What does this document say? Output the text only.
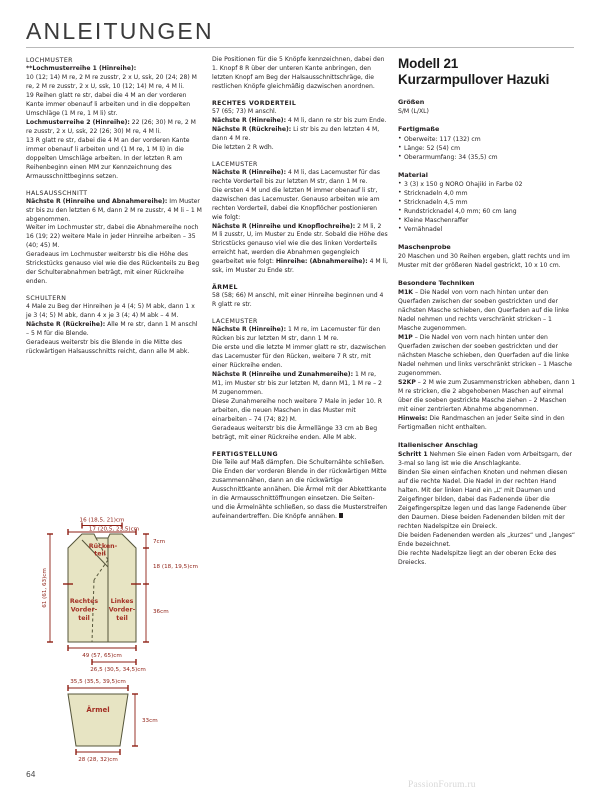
ANLEITUNGEN
LOCHMUSTER

**Lochmusterreihe 1 (Hinreihe):

10 (12; 14) M re, 2 M re zusstr, 2 x U, ssk, 20 (24; 28) M re, 2 M re zusstr, 2 x U, ssk, 10 (12; 14) M re, 4 M li.

19 Reihen glatt re str, dabei die 4 M an der vorderen Kante immer obenauf li arbeiten und in die doppelten Umschläge (1 M re, 1 M li) str.

Lochmusterreihe 2 (Hinreihe): 22 (26; 30) M re, 2 M re zusstr, 2 x U, ssk, 22 (26; 30) M re, 4 M li.

13 R glatt re str, dabei die 4 M an der vorderen Kante immer obenauf li arbeiten und (1 M re, 1 M li) in die doppelten Umschläge arbeiten. In der letzten R am Reihenbeginn einen MM zur Kennzeichnung des Armausschnittbeginns setzen.

HALSAUSSCHNITT

Nächste R (Hinreihe und Abnahmereihe): Im Muster str bis zu den letzten 6 M, dann 2 M re zusstr, 4 M li – 1 M abgenommen.

Weiter im Lochmuster str, dabei die Abnahmereihe noch 16 (19; 22) weitere Male in jeder Hinreihe arbeiten – 35 (40; 45) M.

Geradeaus im Lochmuster weiterstr bis die Höhe des Strickstücks genauso viel wie die des Rückenteils zu Beg der Schulterabnahmen beträgt, mit einer Rückreihe enden.

SCHULTERN

4 Male zu Beg der Hinreihen je 4 (4; 5) M abk, dann 1 x je 3 (4; 5) M abk, dann 4 x je 3 (4; 4) M abk – 4 M.

Nächste R (Rückreihe): Alle M re str, dann 1 M anschl – 5 M für die Blende.

Geradeaus weiterstr bis die Blende in die Mitte des rückwärtigen Halsausschnitts reicht, dann alle M abk.

Die Positionen für die 5 Knöpfe kennzeichnen, dabei den 1. Knopf 8 R über der unteren Kante anbringen, den letzten Knopf am Beg der Halsausschnittschräge, die restlichen Knöpfe gleichmäßig dazwischen anordnen.

RECHTES VORDERTEIL

57 (65; 73) M anschl.

Nächste R (Hinreihe): 4 M li, dann re str bis zum Ende.

Nächste R (Rückreihe): Li str bis zu den letzten 4 M, dann 4 M re.

Die letzten 2 R wdh.

LACEMUSTER

Nächste R (Hinreihe): 4 M li, das Lacemuster für das rechte Vorderteil bis zur letzten M str, dann 1 M re.

Die ersten 4 M und die letzten M immer obenauf li str, dazwischen das Lacemuster. Genauso arbeiten wie am rechten Vorderteil, dabei die Knopflöcher postionieren wie folgt:

Nächste R (Hinreihe und Knopflochreihe): 2 M li, 2 M li zusstr, U, im Muster zu Ende str. Sobald die Höhe des Stricstücks genauso viel wie die des linken Vorderteils erreicht hat, werden die Abnahmen gegengleich gearbeitet wie folgt: Hinreihe: (Abnahmereihe): 4 M li, ssk, im Muster zu Ende str.

ÄRMEL

58 (58; 66) M anschl, mit einer Hinreihe beginnen und 4 R glatt re str.

LACEMUSTER

Nächste R (Hinreihe): 1 M re, im Lacemuster für den Rücken bis zur letzten M str, dann 1 M re.

Die erste und die letzte M immer glatt re str, dazwischen das Lacemuster für den Rücken, weitere 7 R str, mit einer Rückreihe enden.

Nächste R (Hinreihe und Zunahmereihe): 1 M re, M1, im Muster str bis zur letzten M, dann M1, 1 M re – 2 M zugenommen.

Diese Zunahmereihe noch weitere 7 Male in jeder 10. R arbeiten, die neuen Maschen in das Muster mit einarbeiten – 74 (74; 82) M.

Geradeaus weiterstr bis die Ärmellänge 33 cm ab Beg beträgt, mit einer Rückreihe enden. Alle M abk.

FERTIGSTELLUNG

Die Teile auf Maß dämpfen. Die Schulternähte schließen. Die Enden der vorderen Blende in der rückwärtigen Mitte zusammennähen, dann an die rückwärtige Ausschnittkante annähen. Die Ärmel mit der Abkettkante in die Armausschnittöffnungen einsetzen. Die Seiten- und die Ärmelnähte schließen, so dass die Musterstreifen aufeinandertreffen. Die Knöpfe annähen.

Modell 21
Kurzarmpullover Hazuki
Größen

S/M (L/XL)

Fertigmaße
• Oberweite: 117 (132) cm
• Länge: 52 (54) cm
• Oberarmumfang: 34 (35,5) cm
Material
• 3 (3) x 150 g NORO Ohajiki in Farbe 02
• Stricknadeln 4,0 mm
• Stricknadeln 4,5 mm
• Rundstricknadel 4,0 mm; 60 cm lang
• Kleine Maschenraffer
• Vernähnadel
Maschenprobe

20 Maschen und 30 Reihen ergeben, glatt rechts und im Muster mit der größeren Nadel gestrickt, 10 x 10 cm.

Besondere Techniken

M1K – Die Nadel von vorn nach hinten unter den Querfaden zwischen der soeben gestrickten und der nächsten Masche schieben, den Querfaden auf die linke Nadel nehmen und rechts verschränkt stricken – 1 Masche zugenommen.

M1P – Die Nadel von vorn nach hinten unter den Querfaden zwischen der soeben gestrickten und der nächsten Masche schieben, den Querfaden auf die linke Nadel nehmen und links verschränkt stricken – 1 Masche zugenommen.

S2KP – 2 M wie zum Zusammenstricken abheben, dann 1 M re stricken, die 2 abgehobenen Maschen auf einmal über die soeben gestrickte Masche ziehen – 2 Maschen mit einer zentrierten Abnahme abgenommen.

Hinweis: Die Randmaschen an jeder Seite sind in den Fertigmaßen nicht enthalten.

Italienischer Anschlag

Schritt 1 Nehmen Sie einen Faden vom Arbeitsgarn, der 3-mal so lang ist wie die Anschlagkante.

Binden Sie einen einfachen Knoten und nehmen diesen auf die rechte Nadel. Die Nadel in der rechten Hand halten. Mit der linken Hand ein „L“ mit Daumen und Zeigefinger bilden, dabei das Fadenende über die Zeigefingerspitze legen und das lange Fadenende über den Daumen. Diese beiden Fadenenden bilden mit der rechten Nadelspitze ein Dreieck.

Die beiden Fadenenden werden als „kurzes“ und „langes“ Ende bezeichnet.

Die rechte Nadelspitze liegt an der oberen Ecke des Dreiecks.

Rücken-
teil
Rechtes
Vorder-
teil
Linkes
Vorder-
teil
16 (18,5, 21)cm
17 (20,5, 23,5)cm
7cm
18 (18, 19,5)cm
36cm
61 (61, 63)cm
49 (57, 65)cm
26,5 (30,5, 34,5)cm
Ärmel
35,5 (35,5, 39,5)cm
33cm
28 (28, 32)cm
64
PassionForum.ru
